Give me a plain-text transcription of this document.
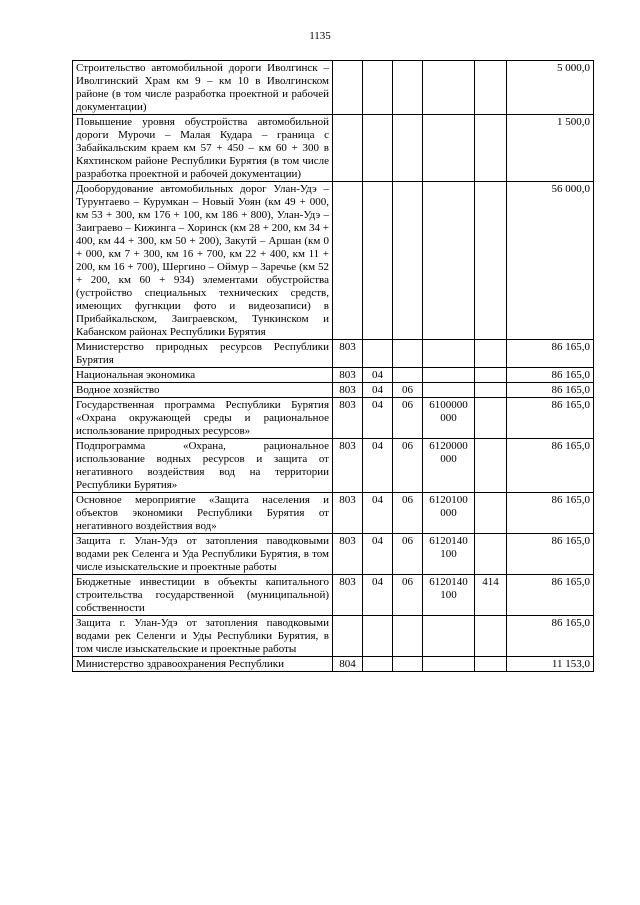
1135
Строительство автомобильной дороги Иволгинск – Иволгинский Храм км 9 – км 10 в Иволгинском районе (в том числе разработка проектной и рабочей документации)						5 000,0
Повышение уровня обустройства автомобильной дороги Мурочи – Малая Кудара – граница с Забайкальским краем км 57 + 450 – км 60 + 300 в Кяхтинском районе Республики Бурятия (в том числе разработка проектной и рабочей документации)						1 500,0
Дооборудование автомобильных дорог Улан-Удэ – Турунтаево – Курумкан – Новый Уоян (км 49 + 000, км 53 + 300, км 176 + 100, км 186 + 800), Улан-Удэ – Заиграево – Кижинга – Хоринск (км 28 + 200, км 34 + 400, км 44 + 300, км 50 + 200), Закутй – Аршан (км 0 + 000, км 7 + 300, км 16 + 700, км 22 + 400, км 11 + 200, км 16 + 700), Шергино – Оймур – Заречье (км 52 + 200, км 60 + 934) элементами обустройства (устройство специальных технических средств, имеющих фугнкции фото и видеозаписи) в Прибайкальском, Заиграевском, Тункинском и Кабанском районах Республики Бурятия						56 000,0
Министерство природных ресурсов Республики Бурятия	803					86 165,0
Национальная экономика	803	04				86 165,0
Водное хозяйство	803	04	06			86 165,0
Государственная программа Республики Бурятия «Охрана окружающей среды и рациональное использование природных ресурсов»	803	04	06	6100000 000		86 165,0
Подпрограмма «Охрана, рациональное использование водных ресурсов и защита от негативного воздействия вод на территории Республики Бурятия»	803	04	06	6120000 000		86 165,0
Основное мероприятие «Защита населения и объектов экономики Республики Бурятия от негативного воздействия вод»	803	04	06	6120100 000		86 165,0
Защита г. Улан-Удэ от затопления паводковыми водами рек Селенга и Уда Республики Бурятия, в том числе изыскательские и проектные работы	803	04	06	6120140 100		86 165,0
Бюджетные инвестиции в объекты капитального строительства государственной (муниципальной) собственности	803	04	06	6120140 100	414	86 165,0
Защита г. Улан-Удэ от затопления паводковыми водами рек Селенги и Уды Республики Бурятия, в том числе изыскательские и проектные работы						86 165,0
Министерство здравоохранения Республики	804					11 153,0
